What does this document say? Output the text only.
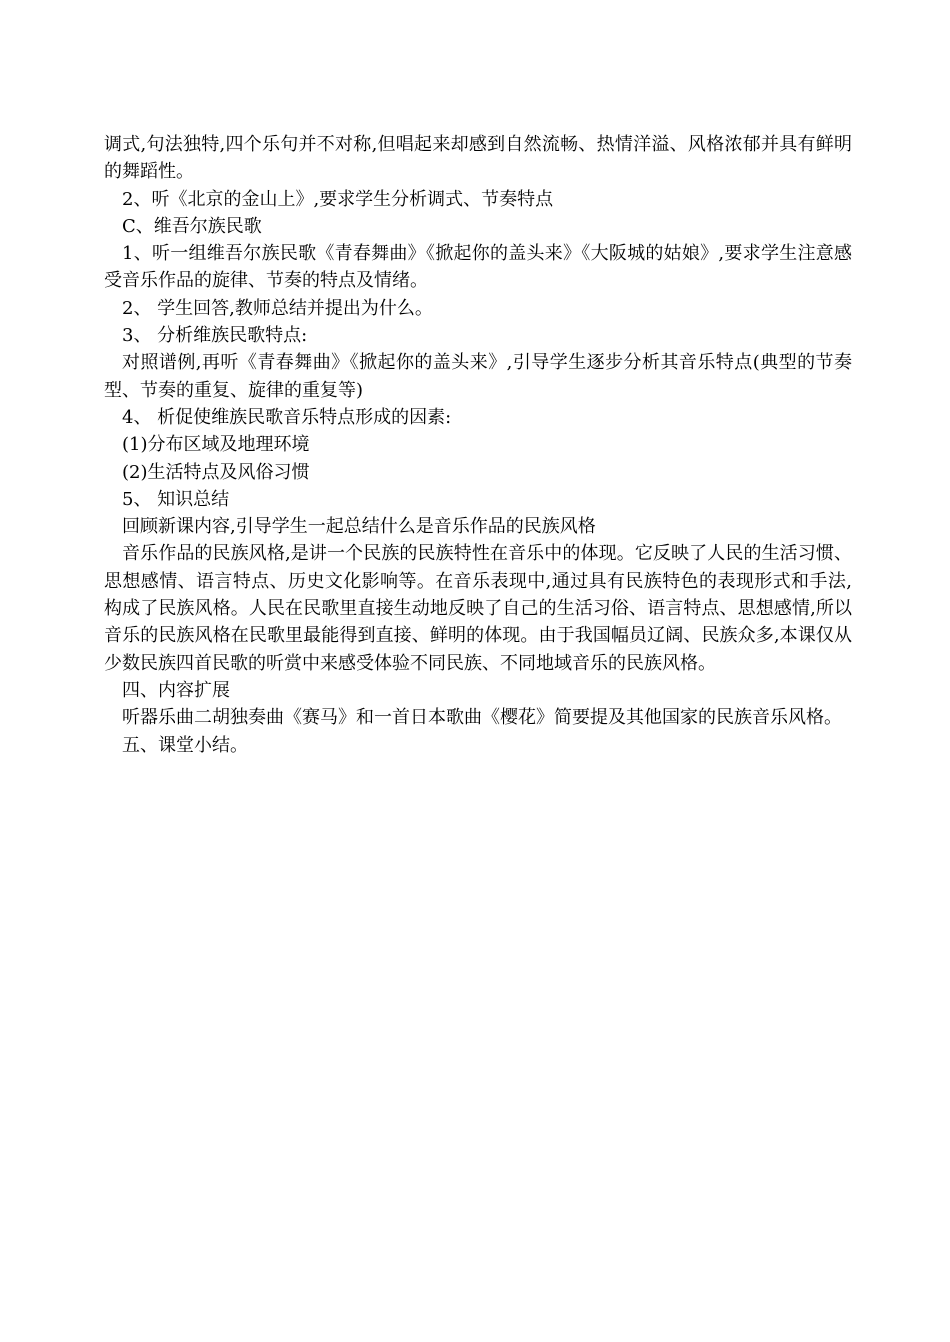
调式,句法独特,四个乐句并不对称,但唱起来却感到自然流畅、热情洋溢、风格浓郁并具有鲜明的舞蹈性。

2、听《北京的金山上》,要求学生分析调式、节奏特点

C、维吾尔族民歌

1、听一组维吾尔族民歌《青春舞曲》《掀起你的盖头来》《大阪城的姑娘》,要求学生注意感受音乐作品的旋律、节奏的特点及情绪。

2、 学生回答,教师总结并提出为什么。

3、 分析维族民歌特点:

对照谱例,再听《青春舞曲》《掀起你的盖头来》,引导学生逐步分析其音乐特点(典型的节奏型、节奏的重复、旋律的重复等)

4、 析促使维族民歌音乐特点形成的因素:

(1)分布区域及地理环境

(2)生活特点及风俗习惯

5、 知识总结

回顾新课内容,引导学生一起总结什么是音乐作品的民族风格

音乐作品的民族风格,是讲一个民族的民族特性在音乐中的体现。它反映了人民的生活习惯、思想感情、语言特点、历史文化影响等。在音乐表现中,通过具有民族特色的表现形式和手法,构成了民族风格。人民在民歌里直接生动地反映了自己的生活习俗、语言特点、思想感情,所以音乐的民族风格在民歌里最能得到直接、鲜明的体现。由于我国幅员辽阔、民族众多,本课仅从少数民族四首民歌的听赏中来感受体验不同民族、不同地域音乐的民族风格。

四、内容扩展

听器乐曲二胡独奏曲《赛马》和一首日本歌曲《樱花》简要提及其他国家的民族音乐风格。

五、课堂小结。
